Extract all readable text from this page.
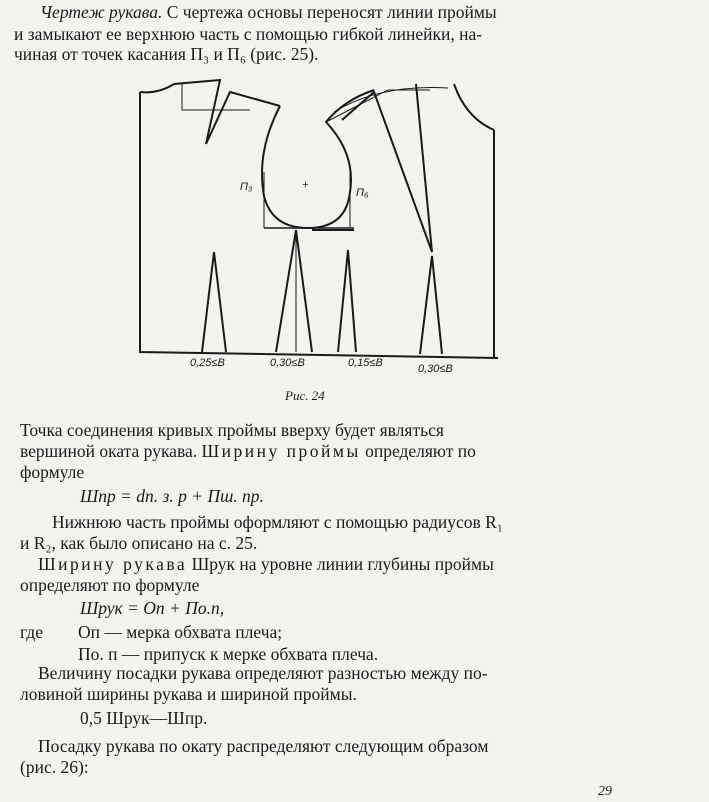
Чертеж рукава. С чертежа основы переносят линии проймы
и замыкают ее верхнюю часть с помощью гибкой линейки, на-
чиная от точек касания П₃ и П₆ (рис. 25).
+
П₃	П₆
0,25≤В	0,30≤В	0,15≤В	0,30≤В
Рис. 24
Точка соединения кривых проймы вверху будет являться
вершиной оката рукава. Ширину проймы определяют по
формуле
Шпр = dп. з. р + Пш. пр.
Нижнюю часть проймы оформляют с помощью радиусов R₁
и R₂, как было описано на с. 25.
Ширину рукава Шрук на уровне линии глубины проймы
определяют по формуле
Шрук = Оп + По.п,
где Оп — мерка обхвата плеча;
По. п — припуск к мерке обхвата плеча.
Величину посадки рукава определяют разностью между по-
ловиной ширины рукава и шириной проймы.
0,5 Шрук—Шпр.
Посадку рукава по окату распределяют следующим образом
(рис. 26):
29
